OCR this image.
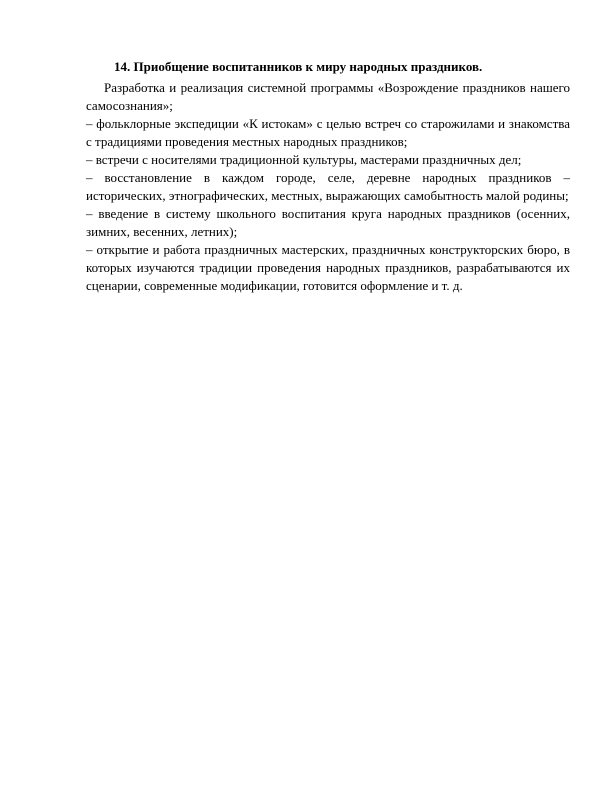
14. Приобщение воспитанников к миру народных праздников.

Разработка и реализация системной программы «Возрождение праздников нашего самосознания»;

– фольклорные экспедиции «К истокам» с целью встреч со старожилами и знакомства с традициями проведения местных народных праздников;

– встречи с носителями традиционной культуры, мастерами праздничных дел;

– восстановление в каждом городе, селе, деревне народных праздников – исторических, этнографических, местных, выражающих самобытность малой родины;

– введение в систему школьного воспитания круга народных праздников (осенних, зимних, весенних, летних);

– открытие и работа праздничных мастерских, праздничных конструкторских бюро, в которых изучаются традиции проведения народных праздников, разрабатываются их сценарии, современные модификации, готовится оформление и т. д.
